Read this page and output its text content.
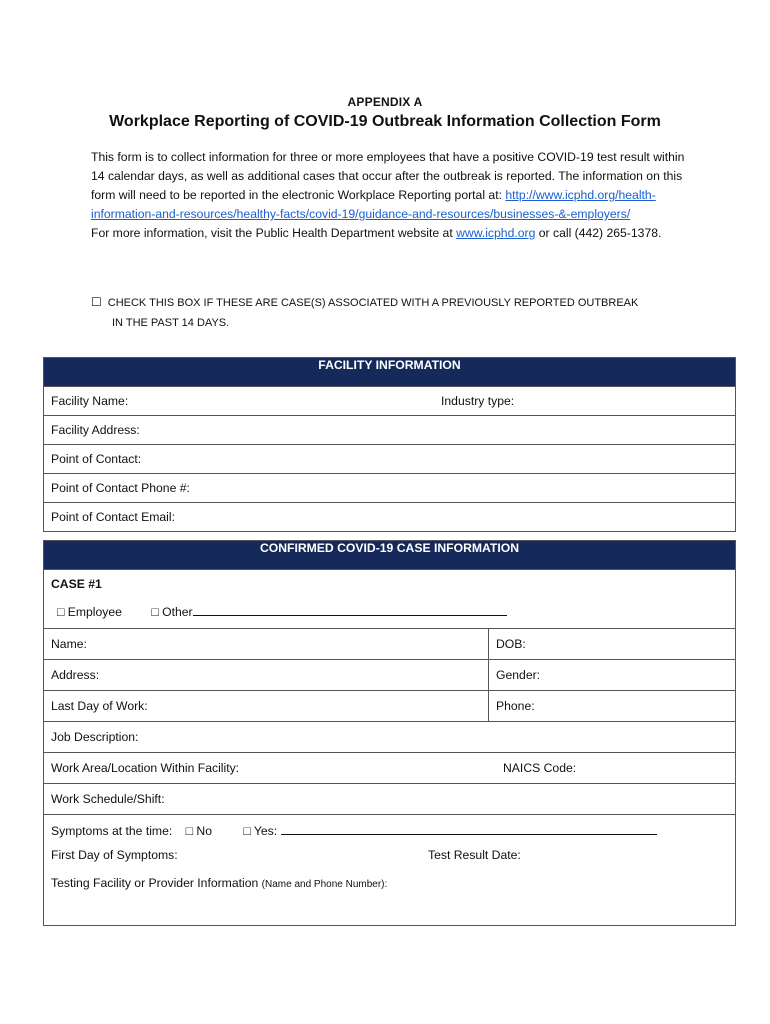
APPENDIX A
Workplace Reporting of COVID-19 Outbreak Information Collection Form
This form is to collect information for three or more employees that have a positive COVID-19 test result within 14 calendar days, as well as additional cases that occur after the outbreak is reported. The information on this form will need to be reported in the electronic Workplace Reporting portal at: http://www.icphd.org/health-information-and-resources/healthy-facts/covid-19/guidance-and-resources/businesses-&-employers/
For more information, visit the Public Health Department website at www.icphd.org or call (442) 265-1378.
☐ CHECK THIS BOX IF THESE ARE CASE(S) ASSOCIATED WITH A PREVIOUSLY REPORTED OUTBREAK
IN THE PAST 14 DAYS.
FACILITY INFORMATION

Facility Name:	Industry type:

Facility Address:
Point of Contact:
Point of Contact Phone #:
Point of Contact Email:
CONFIRMED COVID-19 CASE INFORMATION	

CASE #1
□ Employee □ Other	

Name:	DOB:
Address:	Gender:
Last Day of Work:	Phone:
Job Description:	

Work Area/Location Within Facility: NAICS Code:	

Work Schedule/Shift:	

Symptoms at the time: □ No □ Yes:
First Day of Symptoms: Test Result Date:
Testing Facility or Provider Information (Name and Phone Number):	
